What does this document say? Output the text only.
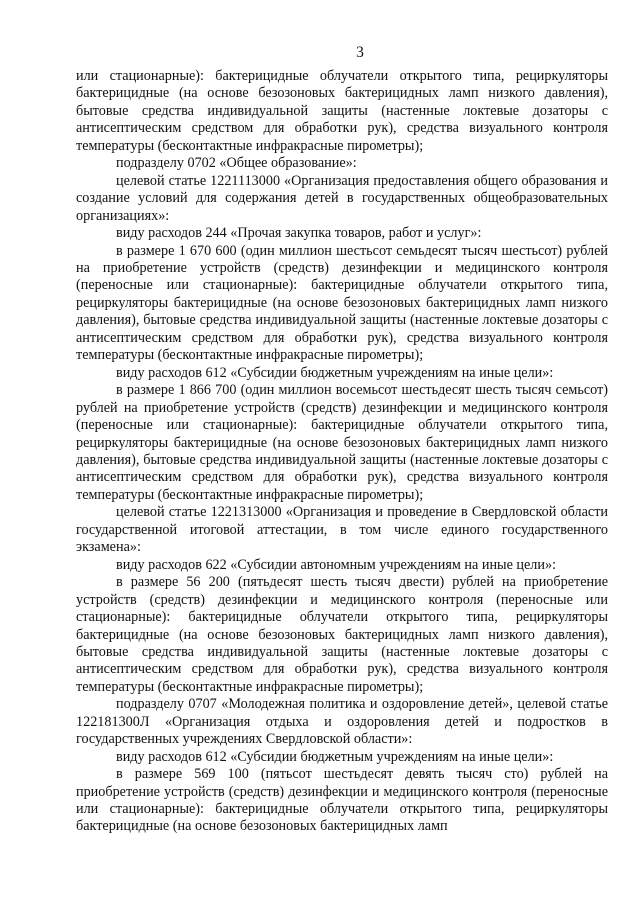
3

или стационарные): бактерицидные облучатели открытого типа, рециркуляторы бактерицидные (на основе безозоновых бактерицидных ламп низкого давления), бытовые средства индивидуальной защиты (настенные локтевые дозаторы с антисептическим средством для обработки рук), средства визуального контроля температуры (бесконтактные инфракрасные пирометры);

подразделу 0702 «Общее образование»:

целевой статье 1221113000 «Организация предоставления общего образования и создание условий для содержания детей в государственных общеобразовательных организациях»:

виду расходов 244 «Прочая закупка товаров, работ и услуг»:

в размере 1 670 600 (один миллион шестьсот семьдесят тысяч шестьсот) рублей на приобретение устройств (средств) дезинфекции и медицинского контроля (переносные или стационарные): бактерицидные облучатели открытого типа, рециркуляторы бактерицидные (на основе безозоновых бактерицидных ламп низкого давления), бытовые средства индивидуальной защиты (настенные локтевые дозаторы с антисептическим средством для обработки рук), средства визуального контроля температуры (бесконтактные инфракрасные пирометры);

виду расходов 612 «Субсидии бюджетным учреждениям на иные цели»:

в размере 1 866 700 (один миллион восемьсот шестьдесят шесть тысяч семьсот) рублей на приобретение устройств (средств) дезинфекции и медицинского контроля (переносные или стационарные): бактерицидные облучатели открытого типа, рециркуляторы бактерицидные (на основе безозоновых бактерицидных ламп низкого давления), бытовые средства индивидуальной защиты (настенные локтевые дозаторы с антисептическим средством для обработки рук), средства визуального контроля температуры (бесконтактные инфракрасные пирометры);

целевой статье 1221313000 «Организация и проведение в Свердловской области государственной итоговой аттестации, в том числе единого государственного экзамена»:

виду расходов 622 «Субсидии автономным учреждениям на иные цели»:

в размере 56 200 (пятьдесят шесть тысяч двести) рублей на приобретение устройств (средств) дезинфекции и медицинского контроля (переносные или стационарные): бактерицидные облучатели открытого типа, рециркуляторы бактерицидные (на основе безозоновых бактерицидных ламп низкого давления), бытовые средства индивидуальной защиты (настенные локтевые дозаторы с антисептическим средством для обработки рук), средства визуального контроля температуры (бесконтактные инфракрасные пирометры);

подразделу 0707 «Молодежная политика и оздоровление детей», целевой статье 122181300Л «Организация отдыха и оздоровления детей и подростков в государственных учреждениях Свердловской области»:

виду расходов 612 «Субсидии бюджетным учреждениям на иные цели»:

в размере 569 100 (пятьсот шестьдесят девять тысяч сто) рублей на приобретение устройств (средств) дезинфекции и медицинского контроля (переносные или стационарные): бактерицидные облучатели открытого типа, рециркуляторы бактерицидные (на основе безозоновых бактерицидных ламп
